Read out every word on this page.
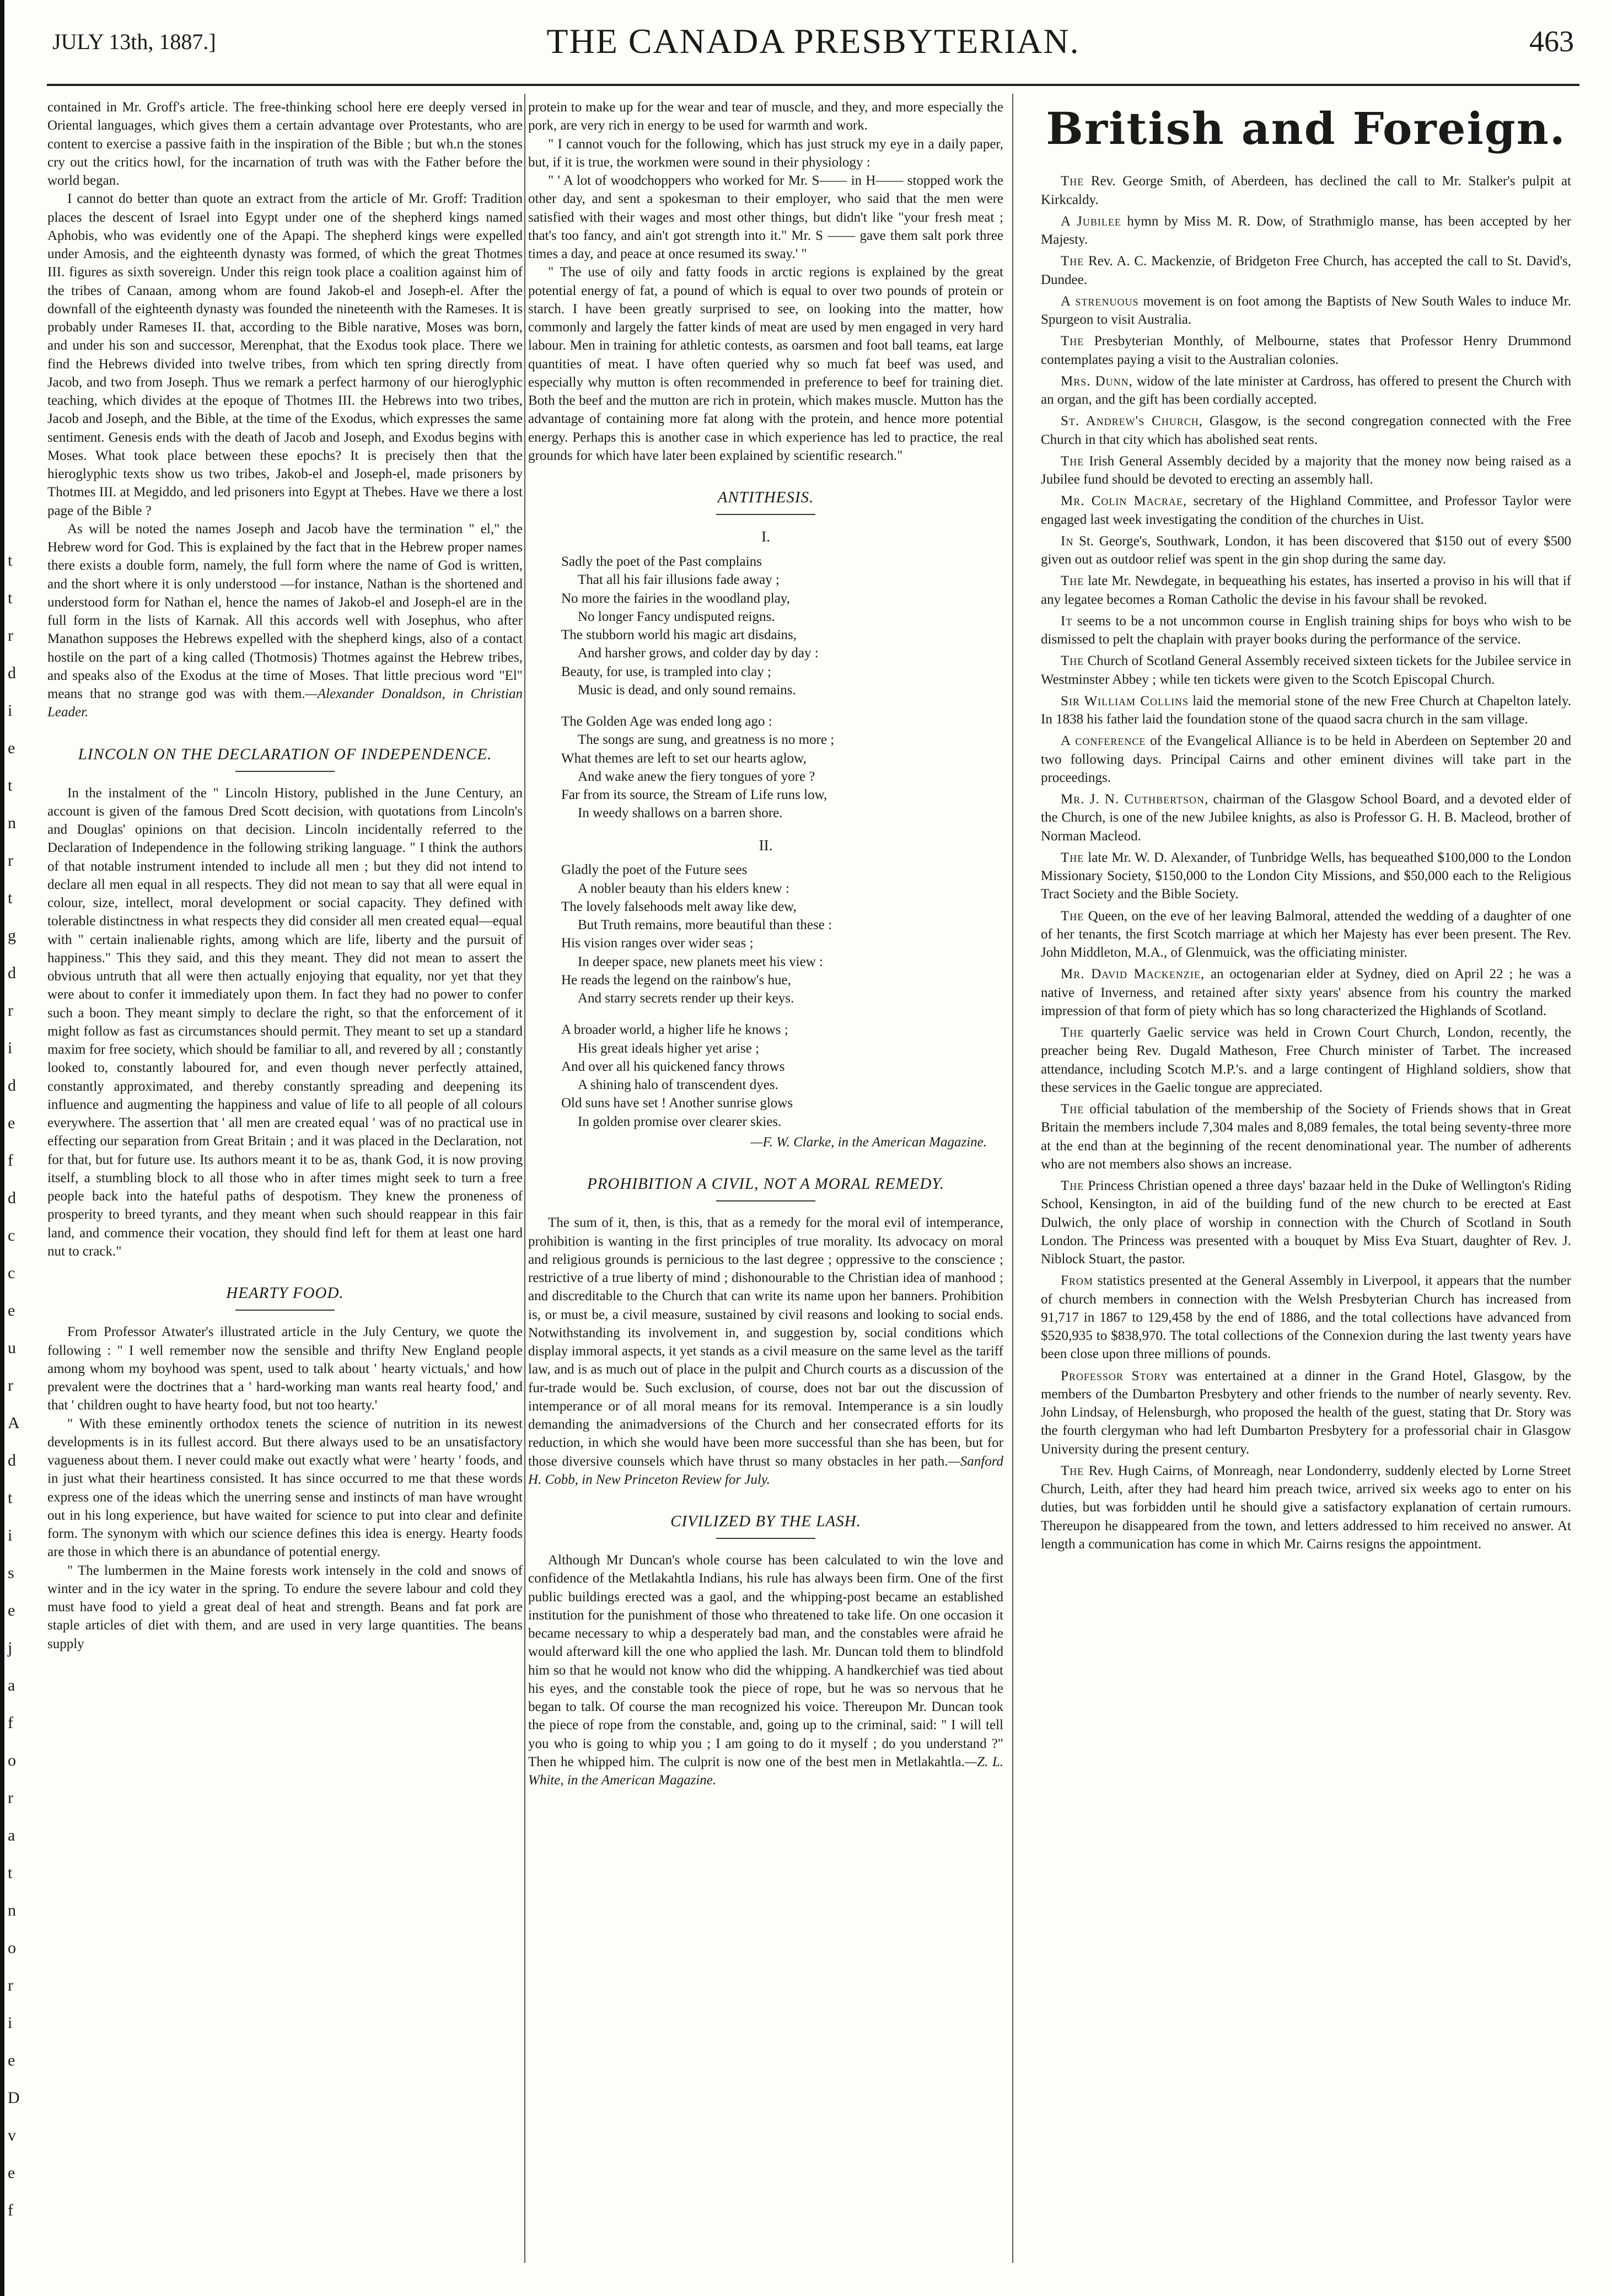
t
t
r
d
i
e
t
n
r
t
g
d
r
i
d
e
f
d
c
c
e
u
r
A
d
t
i
s
e
j
a
f
o
r
a
t
n
o
r
i
e
D
v
e
f
JULY 13th, 1887.]	THE CANADA PRESBYTERIAN.	463

contained in Mr. Groff's article. The free-thinking school here ere deeply versed in Oriental languages, which gives them a certain advantage over Protestants, who are content to exercise a passive faith in the inspiration of the Bible ; but wh.n the stones cry out the critics howl, for the incarnation of truth was with the Father before the world began.

I cannot do better than quote an extract from the article of Mr. Groff: Tradition places the descent of Israel into Egypt under one of the shepherd kings named Aphobis, who was evidently one of the Apapi. The shepherd kings were expelled under Amosis, and the eighteenth dynasty was formed, of which the great Thotmes III. figures as sixth sovereign. Under this reign took place a coalition against him of the tribes of Canaan, among whom are found Jakob-el and Joseph-el. After the downfall of the eighteenth dynasty was founded the nineteenth with the Rameses. It is probably under Rameses II. that, according to the Bible narative, Moses was born, and under his son and successor, Merenphat, that the Exodus took place. There we find the Hebrews divided into twelve tribes, from which ten spring directly from Jacob, and two from Joseph. Thus we remark a perfect harmony of our hieroglyphic teaching, which divides at the epoque of Thotmes III. the Hebrews into two tribes, Jacob and Joseph, and the Bible, at the time of the Exodus, which expresses the same sentiment. Genesis ends with the death of Jacob and Joseph, and Exodus begins with Moses. What took place between these epochs? It is precisely then that the hieroglyphic texts show us two tribes, Jakob-el and Joseph-el, made prisoners by Thotmes III. at Megiddo, and led prisoners into Egypt at Thebes. Have we there a lost page of the Bible ?

As will be noted the names Joseph and Jacob have the termination " el," the Hebrew word for God. This is explained by the fact that in the Hebrew proper names there exists a double form, namely, the full form where the name of God is written, and the short where it is only understood —for instance, Nathan is the shortened and understood form for Nathan el, hence the names of Jakob-el and Joseph-el are in the full form in the lists of Karnak. All this accords well with Josephus, who after Manathon supposes the Hebrews expelled with the shepherd kings, also of a contact hostile on the part of a king called (Thotmosis) Thotmes against the Hebrew tribes, and speaks also of the Exodus at the time of Moses. That little precious word "El" means that no strange god was with them.—Alexander Donaldson, in Christian Leader.

LINCOLN ON THE DECLARATION OF INDEPENDENCE.

In the instalment of the " Lincoln History, published in the June Century, an account is given of the famous Dred Scott decision, with quotations from Lincoln's and Douglas' opinions on that decision. Lincoln incidentally referred to the Declaration of Independence in the following striking language. " I think the authors of that notable instrument intended to include all men ; but they did not intend to declare all men equal in all respects. They did not mean to say that all were equal in colour, size, intellect, moral development or social capacity. They defined with tolerable distinctness in what respects they did consider all men created equal—equal with " certain inalienable rights, among which are life, liberty and the pursuit of happiness." This they said, and this they meant. They did not mean to assert the obvious untruth that all were then actually enjoying that equality, nor yet that they were about to confer it immediately upon them. In fact they had no power to confer such a boon. They meant simply to declare the right, so that the enforcement of it might follow as fast as circumstances should permit. They meant to set up a standard maxim for free society, which should be familiar to all, and revered by all ; constantly looked to, constantly laboured for, and even though never perfectly attained, constantly approximated, and thereby constantly spreading and deepening its influence and augmenting the happiness and value of life to all people of all colours everywhere. The assertion that ' all men are created equal ' was of no practical use in effecting our separation from Great Britain ; and it was placed in the Declaration, not for that, but for future use. Its authors meant it to be as, thank God, it is now proving itself, a stumbling block to all those who in after times might seek to turn a free people back into the hateful paths of despotism. They knew the proneness of prosperity to breed tyrants, and they meant when such should reappear in this fair land, and commence their vocation, they should find left for them at least one hard nut to crack."

HEARTY FOOD.

From Professor Atwater's illustrated article in the July Century, we quote the following : " I well remember now the sensible and thrifty New England people among whom my boyhood was spent, used to talk about ' hearty victuals,' and how prevalent were the doctrines that a ' hard-working man wants real hearty food,' and that ' children ought to have hearty food, but not too hearty.'

" With these eminently orthodox tenets the science of nutrition in its newest developments is in its fullest accord. But there always used to be an unsatisfactory vagueness about them. I never could make out exactly what were ' hearty ' foods, and in just what their heartiness consisted. It has since occurred to me that these words express one of the ideas which the unerring sense and instincts of man have wrought out in his long experience, but have waited for science to put into clear and definite form. The synonym with which our science defines this idea is energy. Hearty foods are those in which there is an abundance of potential energy.

" The lumbermen in the Maine forests work intensely in the cold and snows of winter and in the icy water in the spring. To endure the severe labour and cold they must have food to yield a great deal of heat and strength. Beans and fat pork are staple articles of diet with them, and are used in very large quantities. The beans supply

protein to make up for the wear and tear of muscle, and they, and more especially the pork, are very rich in energy to be used for warmth and work.

" I cannot vouch for the following, which has just struck my eye in a daily paper, but, if it is true, the workmen were sound in their physiology :

" ' A lot of woodchoppers who worked for Mr. S—— in H—— stopped work the other day, and sent a spokesman to their employer, who said that the men were satisfied with their wages and most other things, but didn't like "your fresh meat ; that's too fancy, and ain't got strength into it." Mr. S —— gave them salt pork three times a day, and peace at once resumed its sway.' "

" The use of oily and fatty foods in arctic regions is explained by the great potential energy of fat, a pound of which is equal to over two pounds of protein or starch. I have been greatly surprised to see, on looking into the matter, how commonly and largely the fatter kinds of meat are used by men engaged in very hard labour. Men in training for athletic contests, as oarsmen and foot ball teams, eat large quantities of meat. I have often queried why so much fat beef was used, and especially why mutton is often recommended in preference to beef for training diet. Both the beef and the mutton are rich in protein, which makes muscle. Mutton has the advantage of containing more fat along with the protein, and hence more potential energy. Perhaps this is another case in which experience has led to practice, the real grounds for which have later been explained by scientific research."

ANTITHESIS.
I.
Sadly the poet of the Past complains
That all his fair illusions fade away ;
No more the fairies in the woodland play,
No longer Fancy undisputed reigns.
The stubborn world his magic art disdains,
And harsher grows, and colder day by day :
Beauty, for use, is trampled into clay ;
Music is dead, and only sound remains.
The Golden Age was ended long ago :
The songs are sung, and greatness is no more ;
What themes are left to set our hearts aglow,
And wake anew the fiery tongues of yore ?
Far from its source, the Stream of Life runs low,
In weedy shallows on a barren shore.
II.
Gladly the poet of the Future sees
A nobler beauty than his elders knew :
The lovely falsehoods melt away like dew,
But Truth remains, more beautiful than these :
His vision ranges over wider seas ;
In deeper space, new planets meet his view :
He reads the legend on the rainbow's hue,
And starry secrets render up their keys.
A broader world, a higher life he knows ;
His great ideals higher yet arise ;
And over all his quickened fancy throws
A shining halo of transcendent dyes.
Old suns have set ! Another sunrise glows
In golden promise over clearer skies.
—F. W. Clarke, in the American Magazine.
PROHIBITION A CIVIL, NOT A MORAL REMEDY.

The sum of it, then, is this, that as a remedy for the moral evil of intemperance, prohibition is wanting in the first principles of true morality. Its advocacy on moral and religious grounds is pernicious to the last degree ; oppressive to the conscience ; restrictive of a true liberty of mind ; dishonourable to the Christian idea of manhood ; and discreditable to the Church that can write its name upon her banners. Prohibition is, or must be, a civil measure, sustained by civil reasons and looking to social ends. Notwithstanding its involvement in, and suggestion by, social conditions which display immoral aspects, it yet stands as a civil measure on the same level as the tariff law, and is as much out of place in the pulpit and Church courts as a discussion of the fur-trade would be. Such exclusion, of course, does not bar out the discussion of intemperance or of all moral means for its removal. Intemperance is a sin loudly demanding the animadversions of the Church and her consecrated efforts for its reduction, in which she would have been more successful than she has been, but for those diversive counsels which have thrust so many obstacles in her path.—Sanford H. Cobb, in New Princeton Review for July.

CIVILIZED BY THE LASH.

Although Mr Duncan's whole course has been calculated to win the love and confidence of the Metlakahtla Indians, his rule has always been firm. One of the first public buildings erected was a gaol, and the whipping-post became an established institution for the punishment of those who threatened to take life. On one occasion it became necessary to whip a desperately bad man, and the constables were afraid he would afterward kill the one who applied the lash. Mr. Duncan told them to blindfold him so that he would not know who did the whipping. A handkerchief was tied about his eyes, and the constable took the piece of rope, but he was so nervous that he began to talk. Of course the man recognized his voice. Thereupon Mr. Duncan took the piece of rope from the constable, and, going up to the criminal, said: " I will tell you who is going to whip you ; I am going to do it myself ; do you understand ?" Then he whipped him. The culprit is now one of the best men in Metlakahtla.—Z. L. White, in the American Magazine.

British and Foreign.

The Rev. George Smith, of Aberdeen, has declined the call to Mr. Stalker's pulpit at Kirkcaldy.

A Jubilee hymn by Miss M. R. Dow, of Strathmiglo manse, has been accepted by her Majesty.

The Rev. A. C. Mackenzie, of Bridgeton Free Church, has accepted the call to St. David's, Dundee.

A strenuous movement is on foot among the Baptists of New South Wales to induce Mr. Spurgeon to visit Australia.

The Presbyterian Monthly, of Melbourne, states that Professor Henry Drummond contemplates paying a visit to the Australian colonies.

Mrs. Dunn, widow of the late minister at Cardross, has offered to present the Church with an organ, and the gift has been cordially accepted.

St. Andrew's Church, Glasgow, is the second congregation connected with the Free Church in that city which has abolished seat rents.

The Irish General Assembly decided by a majority that the money now being raised as a Jubilee fund should be devoted to erecting an assembly hall.

Mr. Colin Macrae, secretary of the Highland Committee, and Professor Taylor were engaged last week investigating the condition of the churches in Uist.

In St. George's, Southwark, London, it has been discovered that $150 out of every $500 given out as outdoor relief was spent in the gin shop during the same day.

The late Mr. Newdegate, in bequeathing his estates, has inserted a proviso in his will that if any legatee becomes a Roman Catholic the devise in his favour shall be revoked.

It seems to be a not uncommon course in English training ships for boys who wish to be dismissed to pelt the chaplain with prayer books during the performance of the service.

The Church of Scotland General Assembly received sixteen tickets for the Jubilee service in Westminster Abbey ; while ten tickets were given to the Scotch Episcopal Church.

Sir William Collins laid the memorial stone of the new Free Church at Chapelton lately. In 1838 his father laid the foundation stone of the quaod sacra church in the sam village.

A conference of the Evangelical Alliance is to be held in Aberdeen on September 20 and two following days. Principal Cairns and other eminent divines will take part in the proceedings.

Mr. J. N. Cuthbertson, chairman of the Glasgow School Board, and a devoted elder of the Church, is one of the new Jubilee knights, as also is Professor G. H. B. Macleod, brother of Norman Macleod.

The late Mr. W. D. Alexander, of Tunbridge Wells, has bequeathed $100,000 to the London Missionary Society, $150,000 to the London City Missions, and $50,000 each to the Religious Tract Society and the Bible Society.

The Queen, on the eve of her leaving Balmoral, attended the wedding of a daughter of one of her tenants, the first Scotch marriage at which her Majesty has ever been present. The Rev. John Middleton, M.A., of Glenmuick, was the officiating minister.

Mr. David Mackenzie, an octogenarian elder at Sydney, died on April 22 ; he was a native of Inverness, and retained after sixty years' absence from his country the marked impression of that form of piety which has so long characterized the Highlands of Scotland.

The quarterly Gaelic service was held in Crown Court Church, London, recently, the preacher being Rev. Dugald Matheson, Free Church minister of Tarbet. The increased attendance, including Scotch M.P.'s. and a large contingent of Highland soldiers, show that these services in the Gaelic tongue are appreciated.

The official tabulation of the membership of the Society of Friends shows that in Great Britain the members include 7,304 males and 8,089 females, the total being seventy-three more at the end than at the beginning of the recent denominational year. The number of adherents who are not members also shows an increase.

The Princess Christian opened a three days' bazaar held in the Duke of Wellington's Riding School, Kensington, in aid of the building fund of the new church to be erected at East Dulwich, the only place of worship in connection with the Church of Scotland in South London. The Princess was presented with a bouquet by Miss Eva Stuart, daughter of Rev. J. Niblock Stuart, the pastor.

From statistics presented at the General Assembly in Liverpool, it appears that the number of church members in connection with the Welsh Presbyterian Church has increased from 91,717 in 1867 to 129,458 by the end of 1886, and the total collections have advanced from $520,935 to $838,970. The total collections of the Connexion during the last twenty years have been close upon three millions of pounds.

Professor Story was entertained at a dinner in the Grand Hotel, Glasgow, by the members of the Dumbarton Presbytery and other friends to the number of nearly seventy. Rev. John Lindsay, of Helensburgh, who proposed the health of the guest, stating that Dr. Story was the fourth clergyman who had left Dumbarton Presbytery for a professorial chair in Glasgow University during the present century.

The Rev. Hugh Cairns, of Monreagh, near Londonderry, suddenly elected by Lorne Street Church, Leith, after they had heard him preach twice, arrived six weeks ago to enter on his duties, but was forbidden until he should give a satisfactory explanation of certain rumours. Thereupon he disappeared from the town, and letters addressed to him received no answer. At length a communication has come in which Mr. Cairns resigns the appointment.
